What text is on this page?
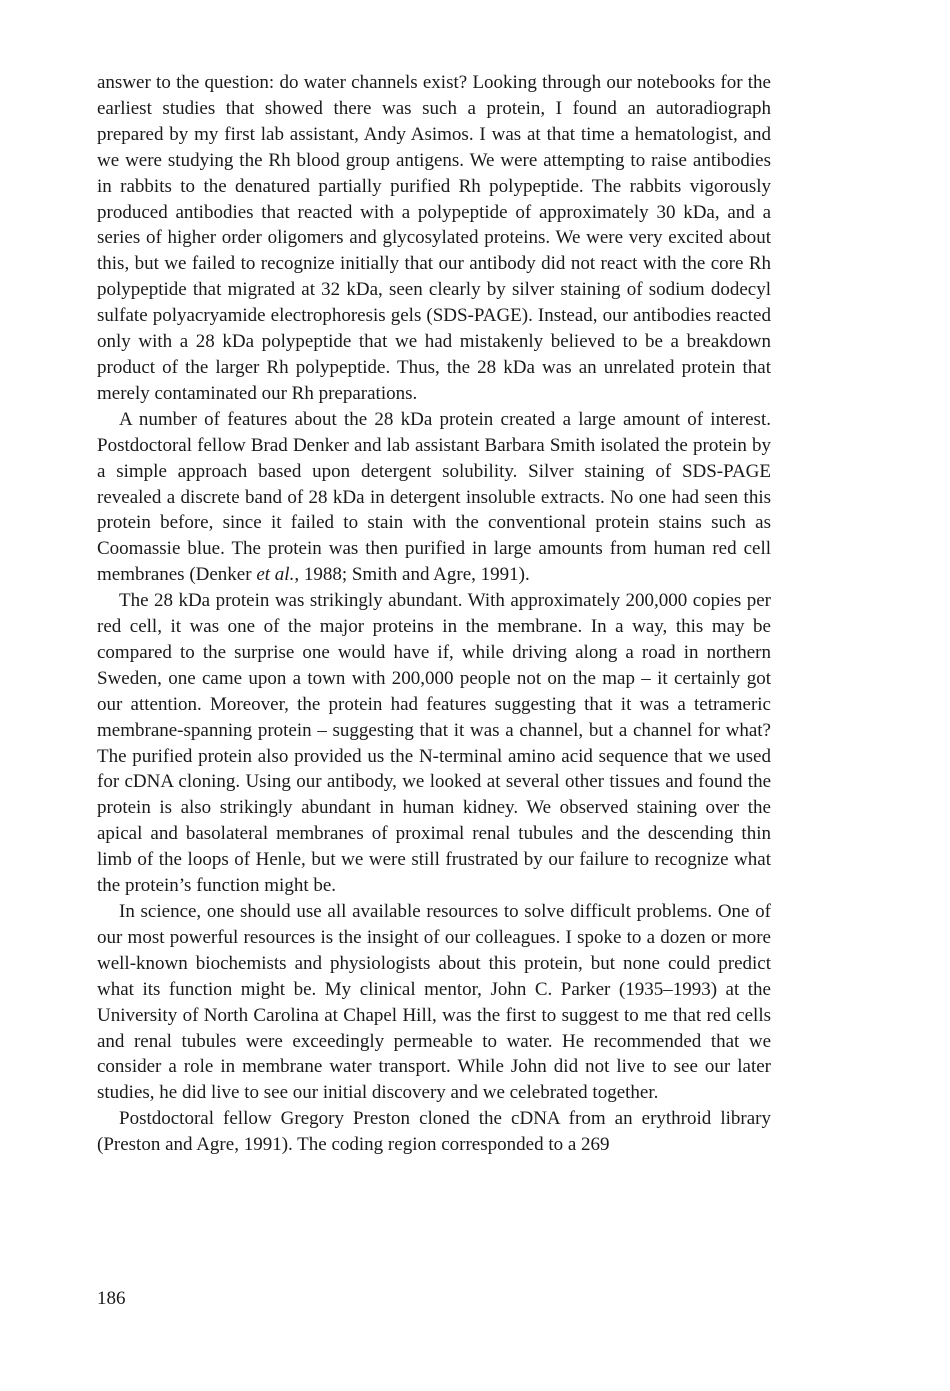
answer to the question: do water channels exist? Looking through our notebooks for the earliest studies that showed there was such a protein, I found an autoradiograph prepared by my first lab assistant, Andy Asimos. I was at that time a hematologist, and we were studying the Rh blood group antigens. We were attempting to raise antibodies in rabbits to the denatured partially purified Rh polypeptide. The rabbits vigorously produced antibodies that reacted with a polypeptide of approximately 30 kDa, and a series of higher order oligomers and glycosylated proteins. We were very excited about this, but we failed to recognize initially that our antibody did not react with the core Rh polypeptide that migrated at 32 kDa, seen clearly by silver staining of sodium dodecyl sulfate polyacryamide electrophoresis gels (SDS-PAGE). Instead, our antibodies reacted only with a 28 kDa polypeptide that we had mistakenly believed to be a breakdown product of the larger Rh polypeptide. Thus, the 28 kDa was an unrelated protein that merely contaminated our Rh preparations.

A number of features about the 28 kDa protein created a large amount of interest. Postdoctoral fellow Brad Denker and lab assistant Barbara Smith isolated the protein by a simple approach based upon detergent solubility. Silver staining of SDS-PAGE revealed a discrete band of 28 kDa in detergent insoluble extracts. No one had seen this protein before, since it failed to stain with the conventional protein stains such as Coomassie blue. The protein was then purified in large amounts from human red cell membranes (Denker et al., 1988; Smith and Agre, 1991).

The 28 kDa protein was strikingly abundant. With approximately 200,000 copies per red cell, it was one of the major proteins in the membrane. In a way, this may be compared to the surprise one would have if, while driving along a road in northern Sweden, one came upon a town with 200,000 people not on the map – it certainly got our attention. Moreover, the protein had features suggesting that it was a tetrameric membrane-spanning protein – suggesting that it was a channel, but a channel for what? The purified protein also provided us the N-terminal amino acid sequence that we used for cDNA cloning. Using our antibody, we looked at several other tissues and found the protein is also strikingly abundant in human kidney. We observed staining over the apical and basolateral membranes of proximal renal tubules and the descending thin limb of the loops of Henle, but we were still frustrated by our failure to recognize what the protein’s function might be.

In science, one should use all available resources to solve difficult problems. One of our most powerful resources is the insight of our colleagues. I spoke to a dozen or more well-known biochemists and physiologists about this protein, but none could predict what its function might be. My clinical mentor, John C. Parker (1935–1993) at the University of North Carolina at Chapel Hill, was the first to suggest to me that red cells and renal tubules were exceedingly permeable to water. He recommended that we consider a role in membrane water transport. While John did not live to see our later studies, he did live to see our initial discovery and we celebrated together.

Postdoctoral fellow Gregory Preston cloned the cDNA from an erythroid library (Preston and Agre, 1991). The coding region corresponded to a 269

186
